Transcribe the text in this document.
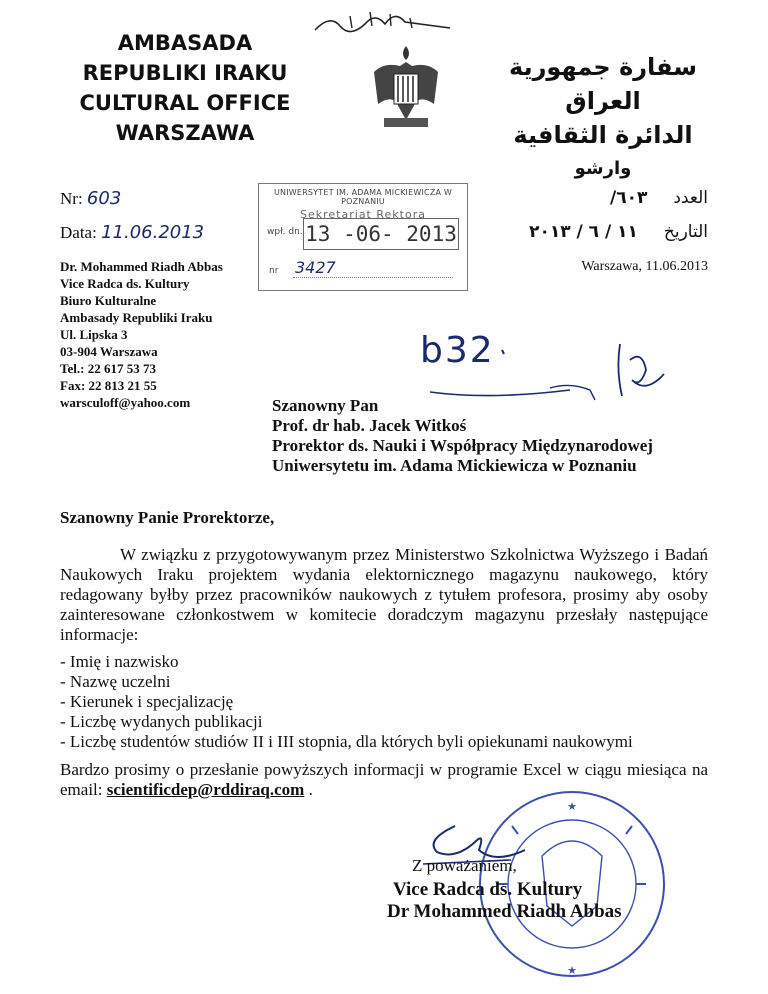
AMBASADA
REPUBLIKI IRAKU
CULTURAL OFFICE
WARSZAWA
سفارة جمهورية
العراق
الدائرة الثقافية
وارشو
Nr: 603
Data: 11.06.2013
UNIWERSYTET IM. ADAMA MICKIEWICZA W POZNANIU
Sekretariat Rektora
wpł. dn. 13 -06- 2013
nr 3427
العدد٦٠٣/
التاريخ١١ / ٦ / ٢٠١٣
Warszawa, 11.06.2013
Dr. Mohammed Riadh Abbas
Vice Radca ds. Kultury
Biuro Kulturalne
Ambasady Republiki Iraku
Ul. Lipska 3
03-904 Warszawa
Tel.: 22 617 53 73
Fax: 22 813 21 55
warsculoff@yahoo.com
b32
Szanowny Pan
Prof. dr hab. Jacek Witkoś
Prorektor ds. Nauki i Współpracy Międzynarodowej
Uniwersytetu im. Adama Mickiewicza w Poznaniu
Szanowny Panie Prorektorze,
W związku z przygotowywanym przez Ministerstwo Szkolnictwa Wyższego i Badań Naukowych Iraku projektem wydania elektornicznego magazynu naukowego, który redagowany byłby przez pracowników naukowych z tytułem profesora, prosimy aby osoby zainteresowane członkostwem w komitecie doradczym magazynu przesłały następujące informacje:
- Imię i nazwisko
- Nazwę uczelni
- Kierunek i specjalizację
- Liczbę wydanych publikacji
- Liczbę studentów studiów II i III stopnia, dla których byli opiekunami naukowymi
Bardzo prosimy o przesłanie powyższych informacji w programie Excel w ciągu miesiąca na email: scientificdep@rddiraq.com .
★
★
Z poważaniem,
Vice Radca ds. Kultury
Dr Mohammed Riadh Abbas
